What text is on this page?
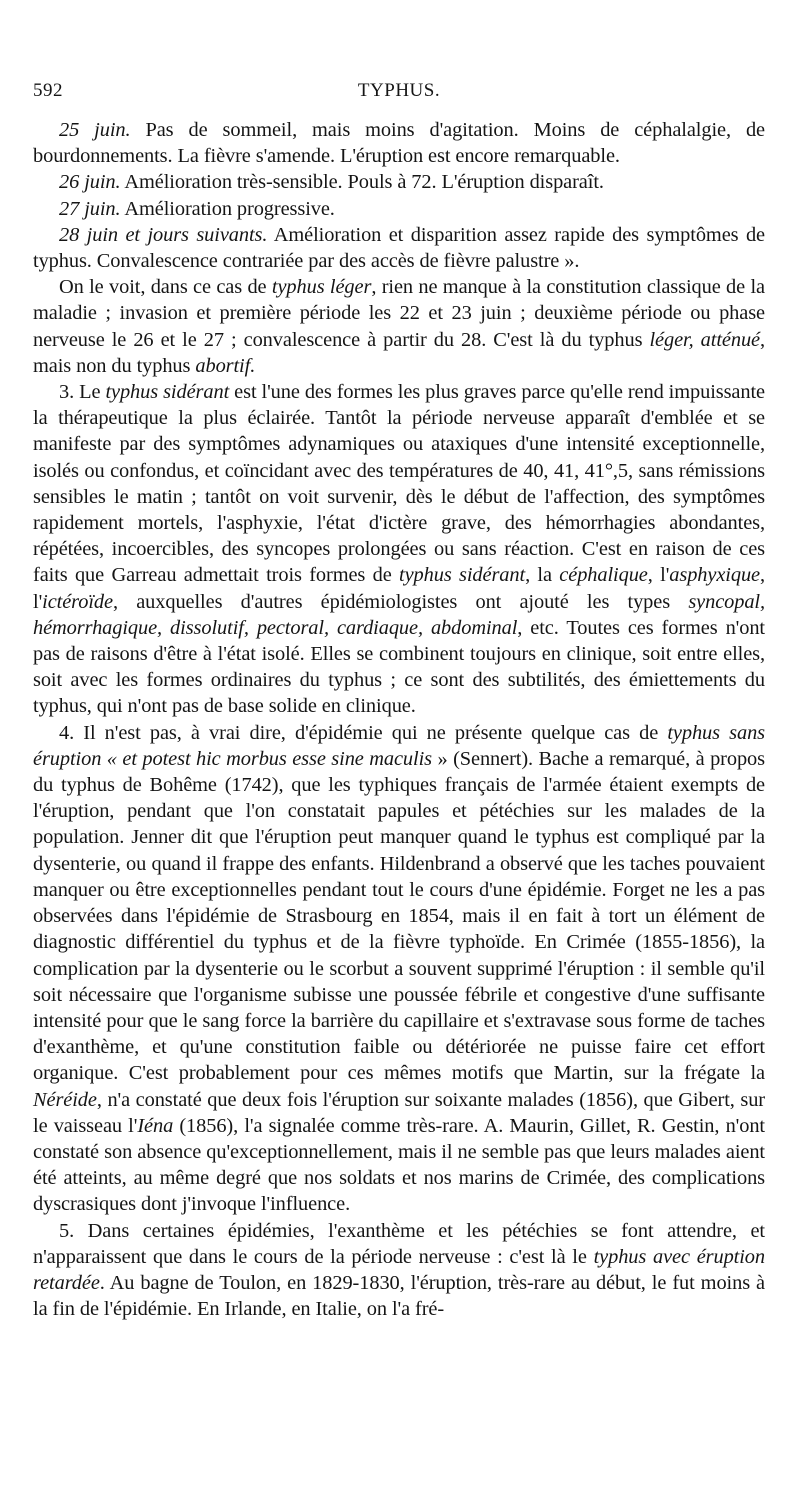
592	TYPHUS.

25 juin. Pas de sommeil, mais moins d'agitation. Moins de céphalalgie, de bourdonnements. La fièvre s'amende. L'éruption est encore remarquable.

26 juin. Amélioration très-sensible. Pouls à 72. L'éruption disparaît.

27 juin. Amélioration progressive.

28 juin et jours suivants. Amélioration et disparition assez rapide des symptômes de typhus. Convalescence contrariée par des accès de fièvre palustre ».

On le voit, dans ce cas de typhus léger, rien ne manque à la constitution classique de la maladie ; invasion et première période les 22 et 23 juin ; deuxième période ou phase nerveuse le 26 et le 27 ; convalescence à partir du 28. C'est là du typhus léger, atténué, mais non du typhus abortif.

3. Le typhus sidérant est l'une des formes les plus graves parce qu'elle rend impuissante la thérapeutique la plus éclairée. Tantôt la période nerveuse apparaît d'emblée et se manifeste par des symptômes adynamiques ou ataxiques d'une intensité exceptionnelle, isolés ou confondus, et coïncidant avec des températures de 40, 41, 41°,5, sans rémissions sensibles le matin ; tantôt on voit survenir, dès le début de l'affection, des symptômes rapidement mortels, l'asphyxie, l'état d'ictère grave, des hémorrhagies abondantes, répétées, incoercibles, des syncopes prolongées ou sans réaction. C'est en raison de ces faits que Garreau admettait trois formes de typhus sidérant, la céphalique, l'asphyxique, l'ictéroïde, auxquelles d'autres épidémiologistes ont ajouté les types syncopal, hémorrhagique, dissolutif, pectoral, cardiaque, abdominal, etc. Toutes ces formes n'ont pas de raisons d'être à l'état isolé. Elles se combinent toujours en clinique, soit entre elles, soit avec les formes ordinaires du typhus ; ce sont des subtilités, des émiettements du typhus, qui n'ont pas de base solide en clinique.

4. Il n'est pas, à vrai dire, d'épidémie qui ne présente quelque cas de typhus sans éruption « et potest hic morbus esse sine maculis » (Sennert). Bache a remarqué, à propos du typhus de Bohême (1742), que les typhiques français de l'armée étaient exempts de l'éruption, pendant que l'on constatait papules et pétéchies sur les malades de la population. Jenner dit que l'éruption peut manquer quand le typhus est compliqué par la dysenterie, ou quand il frappe des enfants. Hildenbrand a observé que les taches pouvaient manquer ou être exceptionnelles pendant tout le cours d'une épidémie. Forget ne les a pas observées dans l'épidémie de Strasbourg en 1854, mais il en fait à tort un élément de diagnostic différentiel du typhus et de la fièvre typhoïde. En Crimée (1855-1856), la complication par la dysenterie ou le scorbut a souvent supprimé l'éruption : il semble qu'il soit nécessaire que l'organisme subisse une poussée fébrile et congestive d'une suffisante intensité pour que le sang force la barrière du capillaire et s'extravase sous forme de taches d'exanthème, et qu'une constitution faible ou détériorée ne puisse faire cet effort organique. C'est probablement pour ces mêmes motifs que Martin, sur la frégate la Néréide, n'a constaté que deux fois l'éruption sur soixante malades (1856), que Gibert, sur le vaisseau l'Iéna (1856), l'a signalée comme très-rare. A. Maurin, Gillet, R. Gestin, n'ont constaté son absence qu'exceptionnellement, mais il ne semble pas que leurs malades aient été atteints, au même degré que nos soldats et nos marins de Crimée, des complications dyscrasiques dont j'invoque l'influence.

5. Dans certaines épidémies, l'exanthème et les pétéchies se font attendre, et n'apparaissent que dans le cours de la période nerveuse : c'est là le typhus avec éruption retardée. Au bagne de Toulon, en 1829-1830, l'éruption, très-rare au début, le fut moins à la fin de l'épidémie. En Irlande, en Italie, on l'a fré-
